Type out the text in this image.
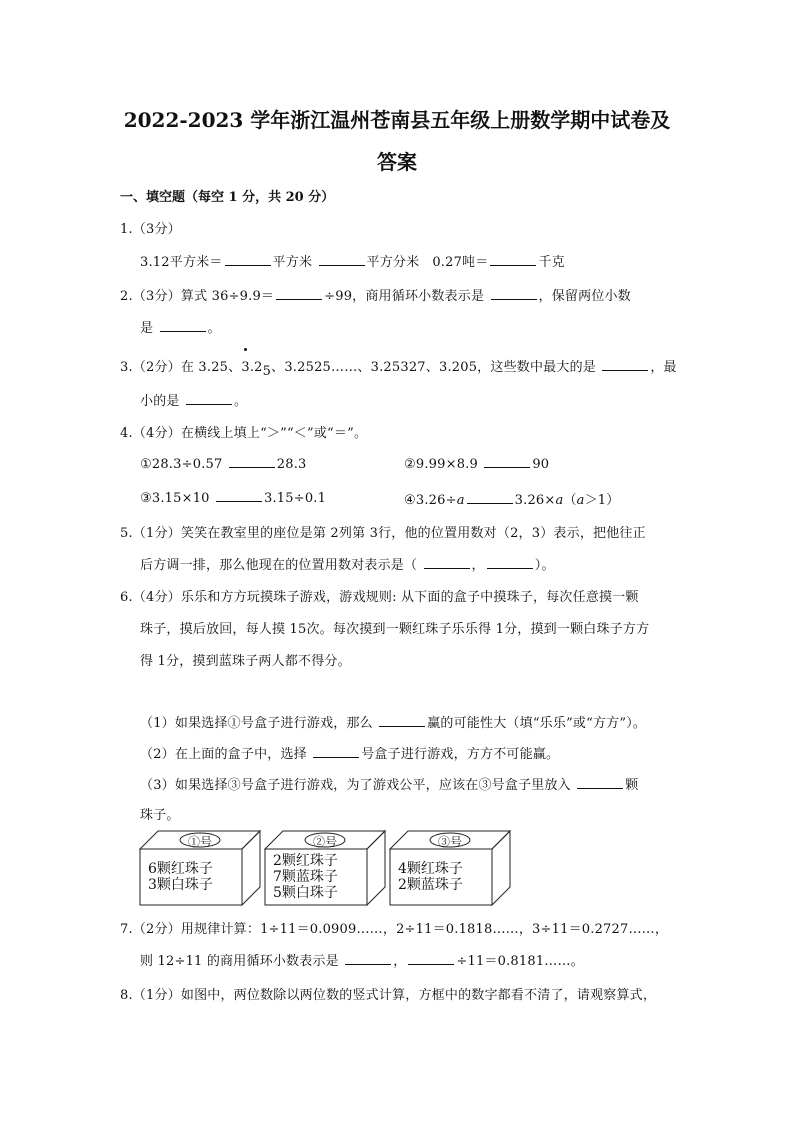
2022-2023 学年浙江温州苍南县五年级上册数学期中试卷及
答案
一、填空题（每空 1 分，共 20 分）
1.（3分）
3.12平方米＝	平方米	平方分米 0.27吨＝	千克
2.（3分）算式 36÷9.9＝	÷99，商用循环小数表示是	，保留两位小数
是	。
3.（2分）在 3.25、3.25、3.2525……、3.25327、3.205，这些数中最大的是	，最
小的是	。
4.（4分）在横线上填上“＞”“＜”或“＝”。
①28.3÷0.57	28.3	②9.99×8.9	90
③3.15×10	3.15÷0.1	④3.26÷a	3.26×a（a＞1）
5.（1分）笑笑在教室里的座位是第 2列第 3行，他的位置用数对（2，3）表示，把他往正
后方调一排，那么他现在的位置用数对表示是（	，	）。
6.（4分）乐乐和方方玩摸珠子游戏，游戏规则: 从下面的盒子中摸珠子，每次任意摸一颗
珠子，摸后放回，每人摸 15次。每次摸到一颗红珠子乐乐得 1分，摸到一颗白珠子方方
得 1分，摸到蓝珠子两人都不得分。
（1）如果选择①号盒子进行游戏，那么	赢的可能性大（填“乐乐”或“方方”）。
（2）在上面的盒子中，选择	号盒子进行游戏，方方不可能赢。
（3）如果选择③号盒子进行游戏，为了游戏公平，应该在③号盒子里放入	颗
珠子。
①号
6颗红珠子
3颗白珠子
②号
2颗红珠子
7颗蓝珠子
5颗白珠子
③号
4颗红珠子
2颗蓝珠子
7.（2分）用规律计算：1÷11＝0.0909……，2÷11＝0.1818……，3÷11＝0.2727……，
则 12÷11 的商用循环小数表示是	，	÷11＝0.8181……。
8.（1分）如图中，两位数除以两位数的竖式计算，方框中的数字都看不清了，请观察算式，
